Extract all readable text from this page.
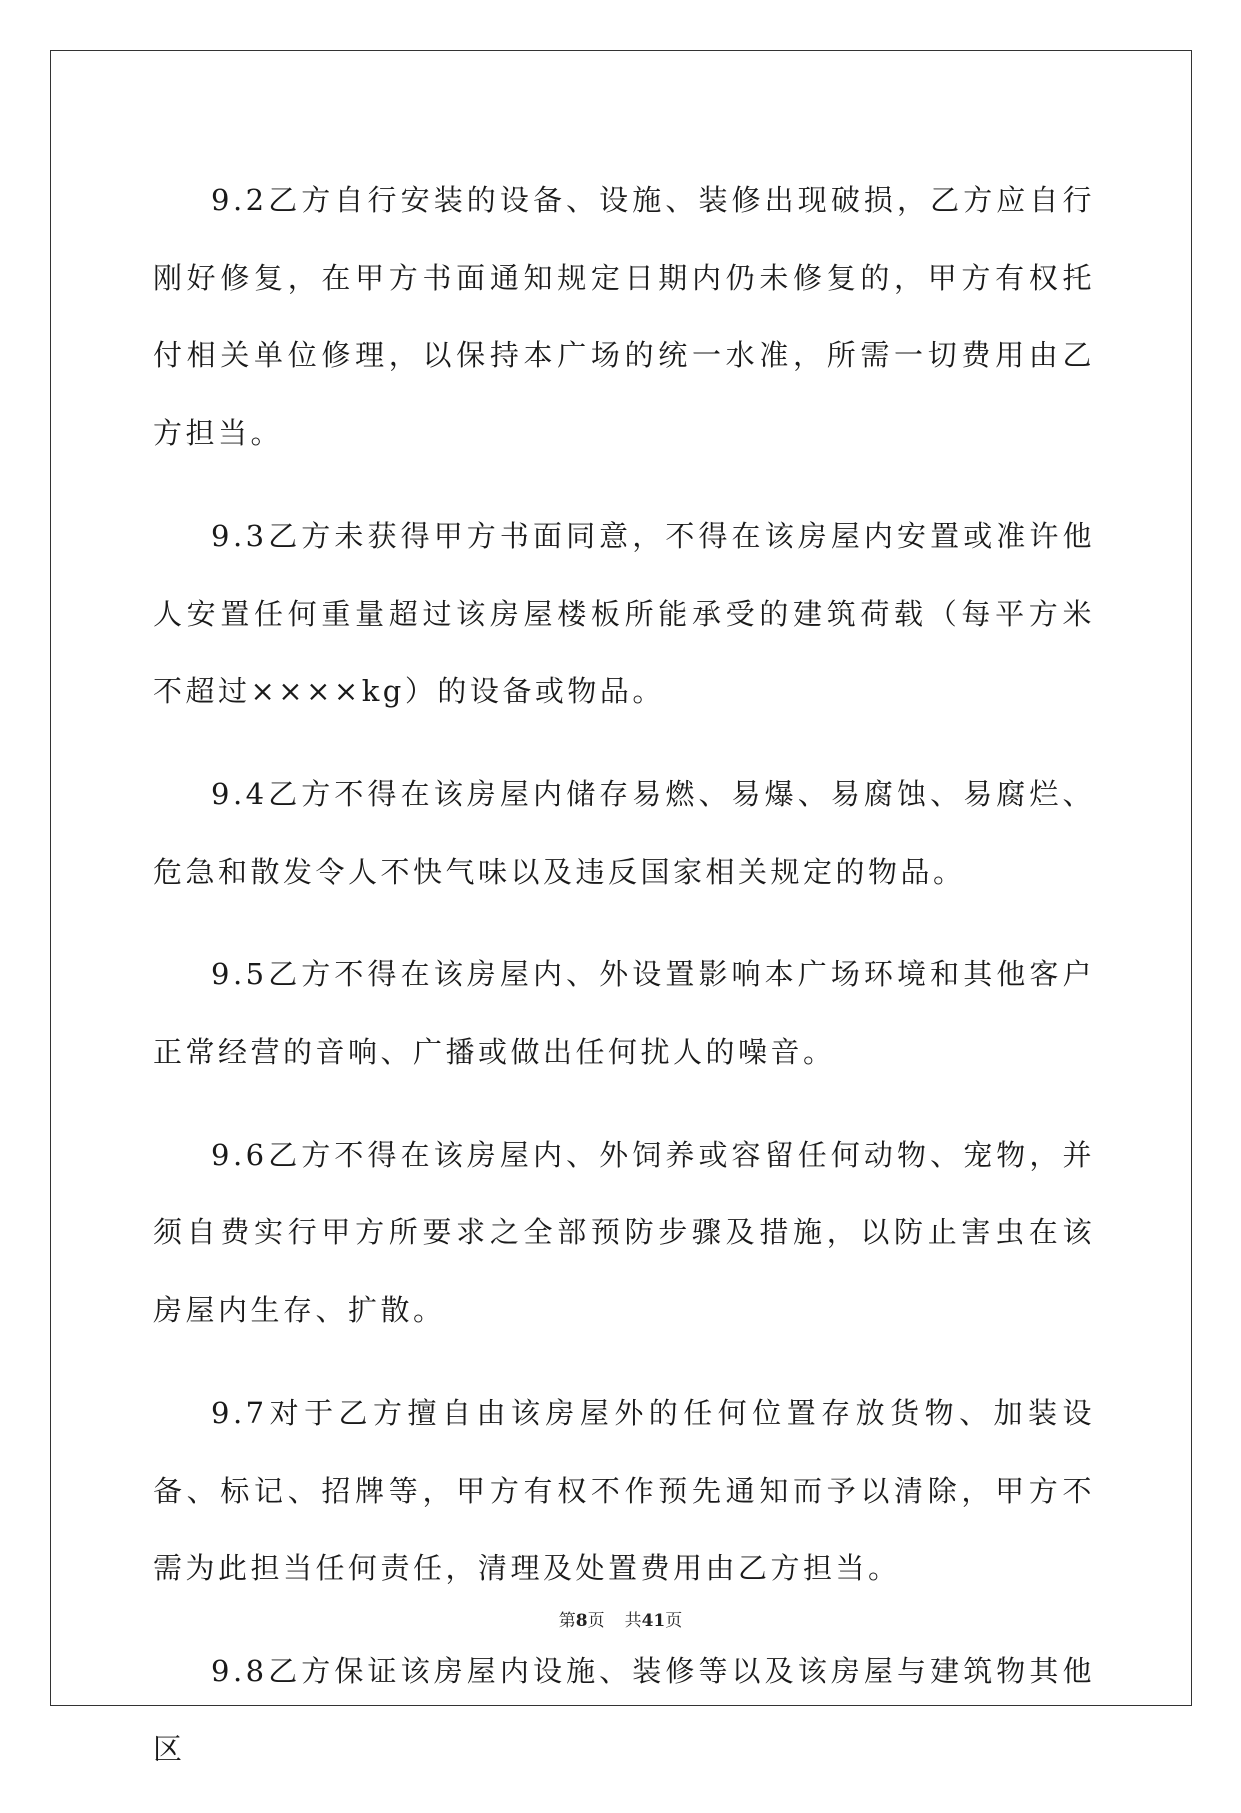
9.2乙方自行安装的设备、设施、装修出现破损，乙方应自行刚好修复，在甲方书面通知规定日期内仍未修复的，甲方有权托付相关单位修理，以保持本广场的统一水准，所需一切费用由乙方担当。

9.3乙方未获得甲方书面同意，不得在该房屋内安置或准许他人安置任何重量超过该房屋楼板所能承受的建筑荷载（每平方米不超过××××kg）的设备或物品。

9.4乙方不得在该房屋内储存易燃、易爆、易腐蚀、易腐烂、危急和散发令人不快气味以及违反国家相关规定的物品。

9.5乙方不得在该房屋内、外设置影响本广场环境和其他客户正常经营的音响、广播或做出任何扰人的噪音。

9.6乙方不得在该房屋内、外饲养或容留任何动物、宠物，并须自费实行甲方所要求之全部预防步骤及措施，以防止害虫在该房屋内生存、扩散。

9.7对于乙方擅自由该房屋外的任何位置存放货物、加装设备、标记、招牌等，甲方有权不作预先通知而予以清除，甲方不需为此担当任何责任，清理及处置费用由乙方担当。

9.8乙方保证该房屋内设施、装修等以及该房屋与建筑物其他区

第8页 共41页
